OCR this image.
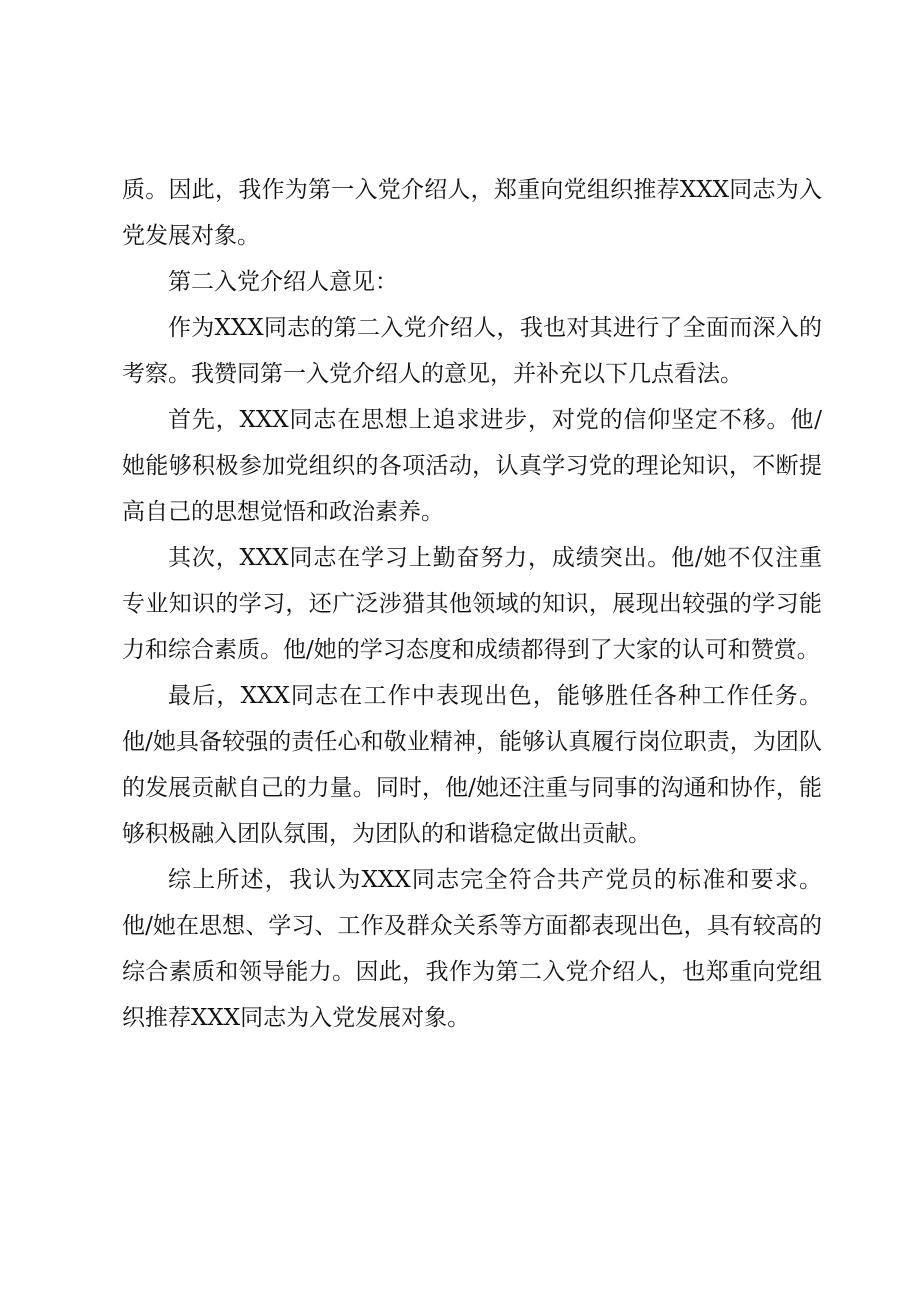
质。因此，我作为第一入党介绍人，郑重向党组织推荐XXX同志为入党发展对象。

第二入党介绍人意见：

作为XXX同志的第二入党介绍人，我也对其进行了全面而深入的考察。我赞同第一入党介绍人的意见，并补充以下几点看法。

首先，XXX同志在思想上追求进步，对党的信仰坚定不移。他/她能够积极参加党组织的各项活动，认真学习党的理论知识，不断提高自己的思想觉悟和政治素养。

其次，XXX同志在学习上勤奋努力，成绩突出。他/她不仅注重专业知识的学习，还广泛涉猎其他领域的知识，展现出较强的学习能力和综合素质。他/她的学习态度和成绩都得到了大家的认可和赞赏。

最后，XXX同志在工作中表现出色，能够胜任各种工作任务。他/她具备较强的责任心和敬业精神，能够认真履行岗位职责，为团队的发展贡献自己的力量。同时，他/她还注重与同事的沟通和协作，能够积极融入团队氛围，为团队的和谐稳定做出贡献。

综上所述，我认为XXX同志完全符合共产党员的标准和要求。他/她在思想、学习、工作及群众关系等方面都表现出色，具有较高的综合素质和领导能力。因此，我作为第二入党介绍人，也郑重向党组织推荐XXX同志为入党发展对象。
